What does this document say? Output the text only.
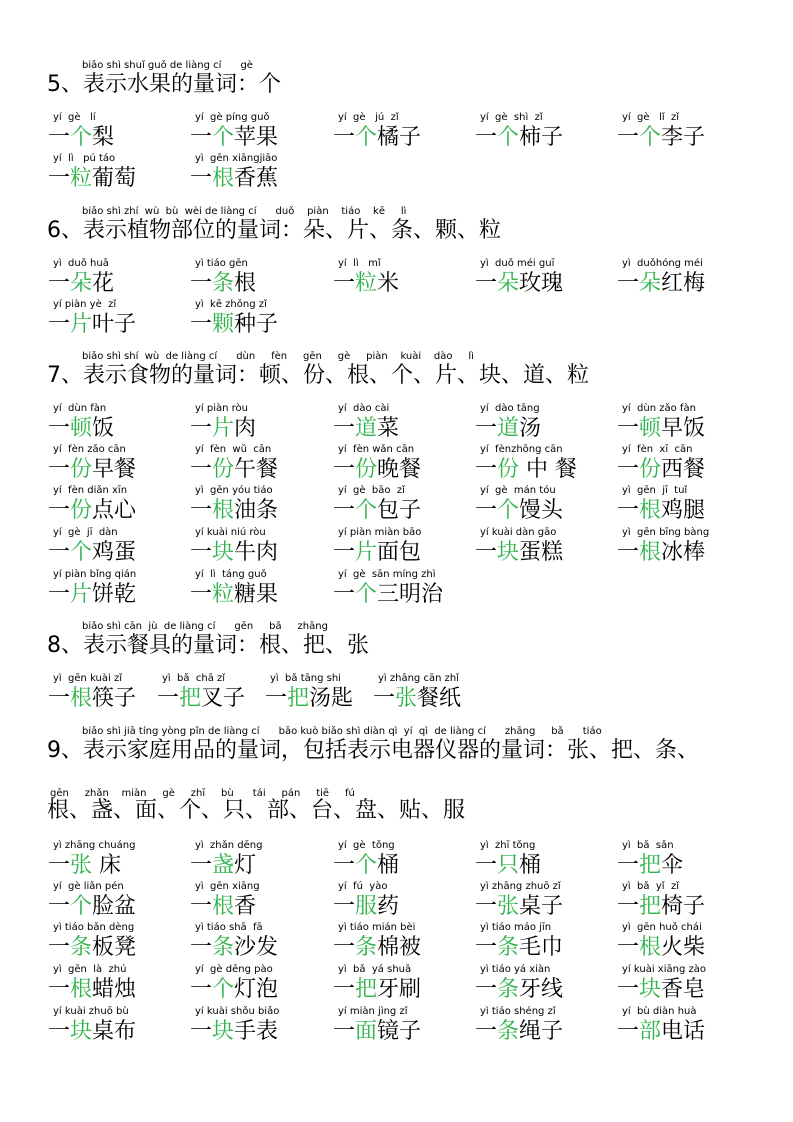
biǎo shì shuǐ guǒ de liàng cí      gè
5、表示水果的量词：个
yí  gè   lí
一个梨
yí  gè píng guǒ
一个苹果
yí  gè   jú  zǐ
一个橘子
yí  gè  shì  zǐ
一个柿子
yí  gè   lǐ  zǐ
一个李子
yí  lì   pú táo
一粒葡萄
yì  gēn xiāngjiāo
一根香蕉
biǎo shì zhí  wù  bù  wèi de liàng cí      duǒ    piàn    tiáo    kē     lì
6、表示植物部位的量词：朵、片、条、颗、粒
yì  duǒ huā
一朵花
yì tiáo gēn
一条根
yí  lì   mǐ
一粒米
yì  duǒ méi guī
一朵玫瑰
yì  duǒhóng méi
一朵红梅
yí piàn yè  zǐ
一片叶子
yì  kē zhǒng zǐ
一颗种子
biǎo shì shí  wù  de liàng cí      dùn     fèn     gēn     gè     piàn    kuài    dào     lì
7、表示食物的量词：顿、份、根、个、片、块、道、粒
yí  dùn fàn
一顿饭
yí piàn ròu
一片肉
yí  dào cài
一道菜
yí  dào tāng
一道汤
yí  dùn zǎo fàn
一顿早饭
yí  fèn zǎo cān
一份早餐
yí  fèn  wǔ  cān
一份午餐
yí  fèn wǎn cān
一份晚餐
yí  fènzhōng cān
一份 中 餐
yí  fèn  xī  cān
一份西餐
yí  fèn diǎn xīn
一份点心
yì  gēn yóu tiáo
一根油条
yí  gè  bāo  zǐ
一个包子
yí  gè  mán tóu
一个馒头
yì  gēn  jī  tuǐ
一根鸡腿
yí  gè  jī  dàn
一个鸡蛋
yí kuài niú ròu
一块牛肉
yí piàn miàn bāo
一片面包
yí kuài dàn gāo
一块蛋糕
yì  gēn bīng bàng
一根冰棒
yí piàn bǐng qián
一片饼乾
yí  lì  táng guǒ
一粒糖果
yí  gè  sān míng zhì
一个三明治
biǎo shì cān  jù  de liàng cí      gēn     bǎ     zhāng
8、表示餐具的量词：根、把、张
yì  gēn kuài zǐ
一根筷子
yì  bǎ  chā zǐ
一把叉子
yì  bǎ tāng shi
一把汤匙
yì zhāng cān zhǐ
一张餐纸
biǎo shì jiā tíng yòng pǐn de liàng cí      bāo kuò biǎo shì diàn qì  yí  qì  de liàng cí      zhāng     bǎ      tiáo
9、表示家庭用品的量词，包括表示电器仪器的量词：张、把、条、
gēn     zhǎn    miàn     gè     zhī     bù      tái     pán     tiē     fú
根、盏、面、个、只、部、台、盘、贴、服
yì zhāng chuáng
一张 床
yì  zhǎn dēng
一盏灯
yí  gè  tǒng
一个桶
yì  zhī tǒng
一只桶
yì  bǎ  sǎn
一把伞
yí  gè liǎn pén
一个脸盆
yì  gēn xiāng
一根香
yí  fú  yào
一服药
yì zhāng zhuō zǐ
一张桌子
yì  bǎ  yǐ  zǐ
一把椅子
yì tiáo bǎn dèng
一条板凳
yì tiáo shā  fā
一条沙发
yì tiáo mián bèi
一条棉被
yì tiáo máo jīn
一条毛巾
yì  gēn huǒ chái
一根火柴
yì  gēn  là  zhú
一根蜡烛
yí  gè dēng pào
一个灯泡
yì  bǎ  yá shuā
一把牙刷
yì tiáo yá xiàn
一条牙线
yí kuài xiāng zào
一块香皂
yí kuài zhuō bù
一块桌布
yí kuài shǒu biǎo
一块手表
yí miàn jìng zǐ
一面镜子
yì tiáo shéng zǐ
一条绳子
yí  bù diàn huà
一部电话
